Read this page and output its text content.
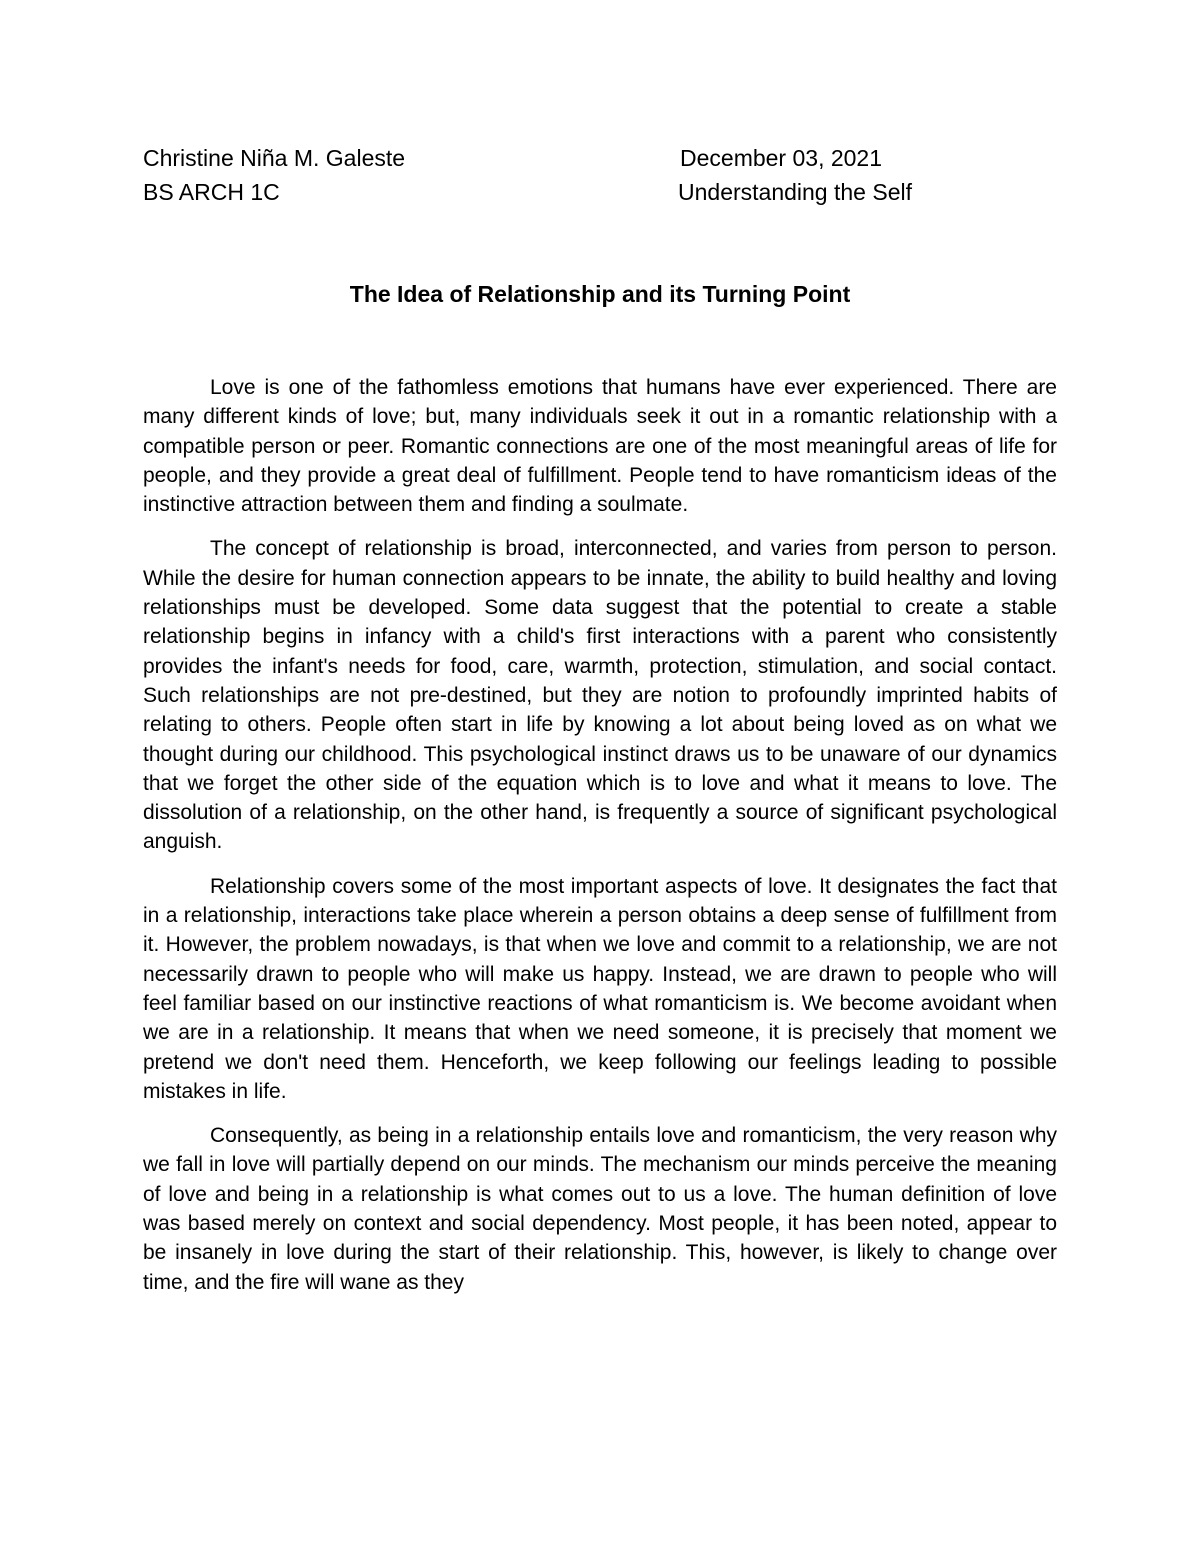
Christine Niña M. Galeste	December 03, 2021
BS ARCH 1C	Understanding the Self
The Idea of Relationship and its Turning Point

Love is one of the fathomless emotions that humans have ever experienced. There are many different kinds of love; but, many individuals seek it out in a romantic relationship with a compatible person or peer. Romantic connections are one of the most meaningful areas of life for people, and they provide a great deal of fulfillment. People tend to have romanticism ideas of the instinctive attraction between them and finding a soulmate.

The concept of relationship is broad, interconnected, and varies from person to person. While the desire for human connection appears to be innate, the ability to build healthy and loving relationships must be developed. Some data suggest that the potential to create a stable relationship begins in infancy with a child's first interactions with a parent who consistently provides the infant's needs for food, care, warmth, protection, stimulation, and social contact. Such relationships are not pre-destined, but they are notion to profoundly imprinted habits of relating to others. People often start in life by knowing a lot about being loved as on what we thought during our childhood. This psychological instinct draws us to be unaware of our dynamics that we forget the other side of the equation which is to love and what it means to love. The dissolution of a relationship, on the other hand, is frequently a source of significant psychological anguish.

Relationship covers some of the most important aspects of love. It designates the fact that in a relationship, interactions take place wherein a person obtains a deep sense of fulfillment from it. However, the problem nowadays, is that when we love and commit to a relationship, we are not necessarily drawn to people who will make us happy. Instead, we are drawn to people who will feel familiar based on our instinctive reactions of what romanticism is. We become avoidant when we are in a relationship. It means that when we need someone, it is precisely that moment we pretend we don't need them. Henceforth, we keep following our feelings leading to possible mistakes in life.

Consequently, as being in a relationship entails love and romanticism, the very reason why we fall in love will partially depend on our minds. The mechanism our minds perceive the meaning of love and being in a relationship is what comes out to us a love. The human definition of love was based merely on context and social dependency. Most people, it has been noted, appear to be insanely in love during the start of their relationship. This, however, is likely to change over time, and the fire will wane as they
